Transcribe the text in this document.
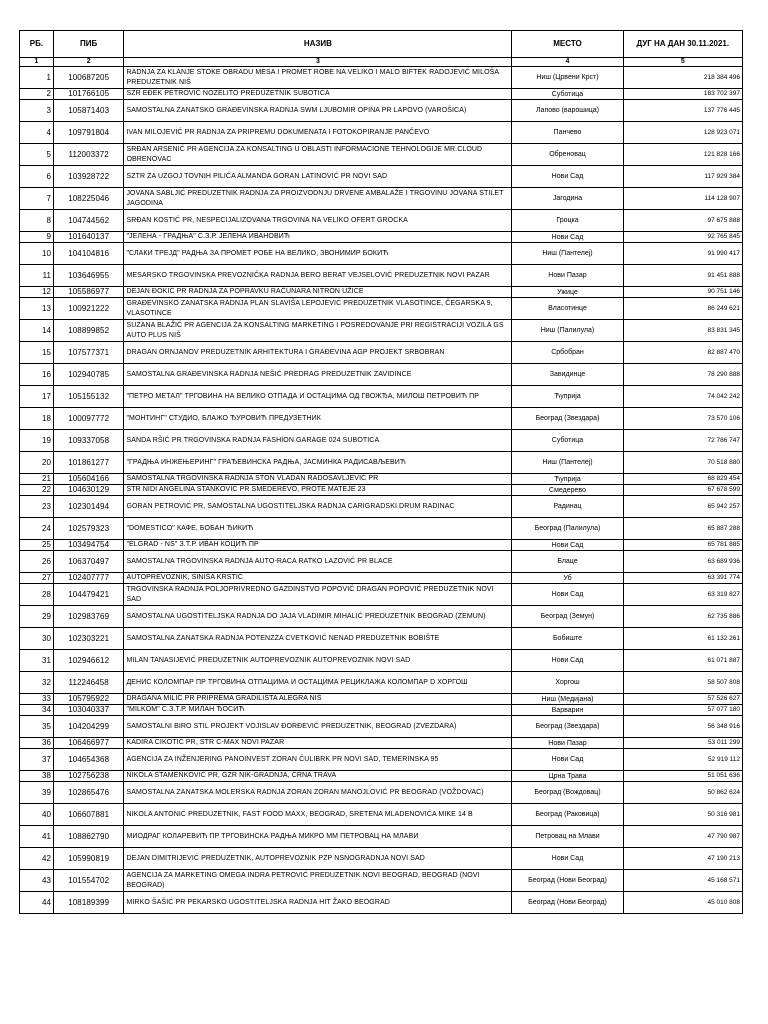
РБ.	ПИБ	НАЗИВ	МЕСТО	ДУГ НА ДАН 30.11.2021.
1	2	3	4	5
1	100687205	RADNJA ZA KLANJE STOKE OBRADU MESA I PROMET ROBE NA VELIKO I MALO BIFTEK RADOJEVIĆ MILOŠA PREDUZETNIK NIŠ	Ниш (Црвени Крст)	218 384 496
2	101766105	SZR EĐEK PETROVIĆ NOZELITO PREDUZETNIK SUBOTICA	Суботица	183 702 397
3	105871403	SAMOSTALNA ZANATSKO GRAĐEVINSKA RADNJA SWM LJUBOMIR OPINA PR LAPOVO (VAROŠICA)	Лапово (варошица)	137 776 445
4	109791804	IVAN MILOJEVIĆ PR RADNJA ZA PRIPREMU DOKUMENATA I FOTOKOPIRANJE PANČEVO	Панчево	128 923 071
5	112003372	SRĐAN ARSENIĆ PR AGENCIJA ZA KONSALTING U OBLASTI INFORMACIONE TEHNOLOGIJE MR.CLOUD OBRENOVAC	Обреновац	121 828 166
6	103928722	SZTR ZA UZGOJ TOVNIH PILIĆA ALMANDA GORAN LATINOVIĆ PR NOVI SAD	Нови Сад	117 929 384
7	108225046	JOVANA SABLJIĆ PREDUZETNIK RADNJA ZA PROIZVODNJU DRVENE AMBALAŽE I TRGOVINU JOVANA STILET JAGODINA	Јагодина	114 128 907
8	104744562	SRĐAN KOSTIĆ PR, NESPECIJALIZOVANA TRGOVINA NA VELIKO OFERT GROCKA	Гроцка	97 675 888
9	101640137	"ЈЕЛЕНА - ГРАДЊА" С.З.Р. ЈЕЛЕНА ИВАНОВИЋ	Нови Сад	92 765 845
10	104104816	"СЛАКИ ТРЕЈД" РАДЊА ЗА ПРОМЕТ РОБЕ НА ВЕЛИКО, ЗВОНИМИР БОКИЋ	Ниш (Пантелеј)	91 990 417
11	103646955	MESARSKO TRGOVINSKA PREVOZNIČKA RADNJA BERO BERAT VEJSELOVIĆ PREDUZETNIK NOVI PAZAR	Нови Пазар	91 451 888
12	105586977	DEJAN ĐOKIĆ PR RADNJA ZA POPRAVKU RAČUNARA NITRON UŽICE	Ужице	90 751 146
13	100921222	GRAĐEVINSKO ZANATSKA RADNJA PLAN SLAVIŠA LEPOJEVIĆ PREDUZETNIK VLASOTINCE, ČEGARSKA 9, VLASOTINCE	Власотинце	86 249 621
14	108899852	SUZANA BLAŽIĆ PR AGENCIJA ZA KONSALTING MARKETING I POSREDOVANJE PRI REGISTRACIJI VOZILA GS AUTO PLUS NIŠ	Ниш (Палилула)	83 831 345
15	107577371	DRAGAN ORNJANOV PREDUZETNIK ARHITEKTURA I GRAĐEVINA AGP PROJEKT SRBOBRAN	Србобран	82 887 470
16	102940785	SAMOSTALNA GRAĐEVINSKA RADNJA NEŠIĆ PREDRAG PREDUZETNIK ZAVIDINCE	Завидинце	78 290 888
17	105155132	"ПЕТРО МЕТАЛ" ТРГОВИНА НА ВЕЛИКО ОТПАДА И ОСТАЦИМА ОД ГВОЖЂА, МИЛОШ ПЕТРОВИЋ ПР	Ћуприја	74 042 242
18	100097772	"МОНТИНГ" СТУДИО, БЛАЖО ЂУРОВИЋ ПРЕДУЗЕТНИК	Београд (Звездара)	73 570 106
19	109337058	SANDA RŠIĆ PR TRGOVINSKA RADNJA FASHION GARAGE 024 SUBOTICA	Суботица	72 786 747
20	101861277	"ГРАДЊА ИНЖЕЊЕРИНГ" ГРАЂЕВИНСКА РАДЊА, ЈАСМИНКА РАДИСАВЉЕВИЋ	Ниш (Пантелеј)	70 518 880
21	105604166	SAMOSTALNA TRGOVINSKA RADNJA STON VLADAN RADOSAVLJEVIĆ PR	Ћуприја	68 829 454
22	104630129	STR NIDI ANGELINA STANKOVIĆ PR SMEDEREVO, PROTE MATEJE 23	Смедерево	67 678 599
23	102301494	GORAN PETROVIĆ PR, SAMOSTALNA UGOSTITELJSKA RADNJA CARIGRADSKI DRUM RADINAC	Радинац	65 942 257
24	102579323	"DOMESTICO" КАФЕ, БОБАН ЂИКИЋ	Београд (Палилула)	65 887 288
25	103494754	"ELGRAD - NS" З.Т.Р. ИВАН КОЦИЋ ПР	Нови Сад	65 781 885
26	106370497	SAMOSTALNA TRGOVINSKA RADNJA AUTO-RACA RATKO LAZOVIĆ PR BLACE	Блаце	63 689 936
27	102407777	AUTOPREVOZNIK, SINIŠA KRSTIĆ	Уб	63 391 774
28	104479421	TRGOVINSKA RADNJA POLJOPRIVREDNO GAZDINSTVO POPOVIĆ DRAGAN POPOVIĆ PREDUZETNIK NOVI SAD	Нови Сад	63 319 827
29	102983769	SAMOSTALNA UGOSTITELJSKA RADNJA DO JAJA VLADIMIR MIHALIĆ PREDUZETNIK BEOGRAD (ZEMUN)	Београд (Земун)	62 735 886
30	102303221	SAMOSTALNA ZANATSKA RADNJA POTENZZA CVETKOVIĆ NENAD PREDUZETNIK BOBIŠTE	Бобиште	61 132 261
31	102946612	MILAN TANASIJEVIĆ PREDUZETNIK AUTOPREVOZNIK AUTOPREVOZNIK NOVI SAD	Нови Сад	61 071 887
32	112246458	ДЕНИС КОЛОМПАР ПР ТРГОВИНА ОТПАЦИМА И ОСТАЦИМА РЕЦИКЛАЖА КОЛОМПАР D ХОРГОШ	Хоргош	58 507 808
33	105795922	DRAGANA MILIĆ PR PRIPREMA GRADILIŠTA ALEGRA NIŠ	Ниш (Медијана)	57 526 627
34	103040337	"MILKOM" С.З.Т.Р. МИЛАН ЂОСИЋ	Варварин	57 077 180
35	104204299	SAMOSTALNI BIRO STIL PROJEKT VOJISLAV ĐORĐEVIĆ PREDUZETNIK, BEOGRAD (ZVEZDARA)	Београд (Звездара)	56 348 916
36	106466977	KADIRA CIKOTIĆ PR, STR C-MAX NOVI PAZAR	Нови Пазар	53 011 299
37	104654368	AGENCIJA ZA INŽENJERING PANOINVEST ZORAN ČULIBRK PR NOVI SAD, TEMERINSKA 95	Нови Сад	52 919 112
38	102756238	NIKOLA STAMENKOVIĆ PR, GZR NIK-GRADNJA, CRNA TRAVA	Црна Трава	51 051 636
39	102865476	SAMOSTALNA ZANATSKA MOLERSKA RADNJA ZORAN ZORAN MANOJLOVIĆ PR BEOGRAD (VOŽDOVAC)	Београд (Вождовац)	50 862 624
40	106607881	NIKOLA ANTONIĆ PREDUZETNIK, FAST FOOD MAXX, BEOGRAD, SRETENA MLADENOVIĆA MIKE 14 B	Београд (Раковица)	50 316 981
41	108862790	МИОДРАГ КОЛАРЕВИЋ ПР ТРГОВИНСКА РАДЊА МИКРО ММ ПЕТРОВАЦ НА МЛАВИ	Петровац на Млави	47 790 987
42	105990819	DEJAN DIMITRIJEVIĆ PREDUZETNIK, AUTOPREVOZNIK PZP NSNOGRADNJA NOVI SAD	Нови Сад	47 190 213
43	101554702	AGENCIJA ZA MARKETING OMEGA INDRA PETROVIĆ PREDUZETNIK NOVI BEOGRAD, BEOGRAD (NOVI BEOGRAD)	Београд (Нови Београд)	45 168 571
44	108189399	MIRKO ŠAŠIĆ PR PEKARSKO UGOSTITELJSKA RADNJA HIT ŽAKO BEOGRAD	Београд (Нови Београд)	45 010 808
